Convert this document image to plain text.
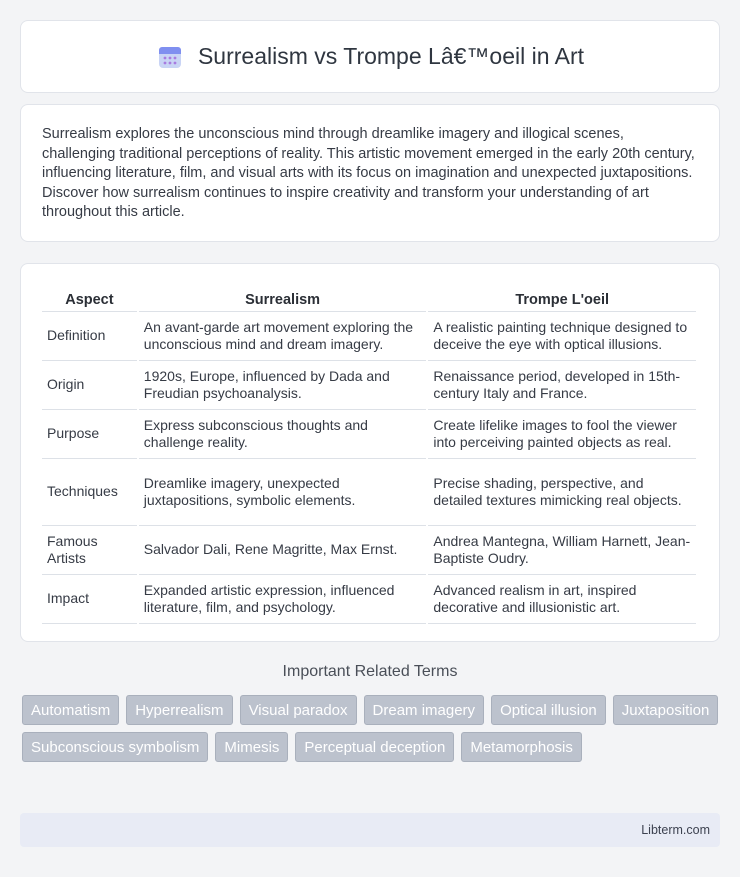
Surrealism vs Trompe Lâ€™oeil in Art

Surrealism explores the unconscious mind through dreamlike imagery and illogical scenes, challenging traditional perceptions of reality. This artistic movement emerged in the early 20th century, influencing literature, film, and visual arts with its focus on imagination and unexpected juxtapositions. Discover how surrealism continues to inspire creativity and transform your understanding of art throughout this article.

Aspect	Surrealism	Trompe L'oeil
Definition	An avant-garde art movement exploring the unconscious mind and dream imagery.	A realistic painting technique designed to deceive the eye with optical illusions.
Origin	1920s, Europe, influenced by Dada and Freudian psychoanalysis.	Renaissance period, developed in 15th-century Italy and France.
Purpose	Express subconscious thoughts and challenge reality.	Create lifelike images to fool the viewer into perceiving painted objects as real.
Techniques	Dreamlike imagery, unexpected juxtapositions, symbolic elements.	Precise shading, perspective, and detailed textures mimicking real objects.
Famous Artists	Salvador Dali, Rene Magritte, Max Ernst.	Andrea Mantegna, William Harnett, Jean-Baptiste Oudry.
Impact	Expanded artistic expression, influenced literature, film, and psychology.	Advanced realism in art, inspired decorative and illusionistic art.
Important Related Terms
Automatism	Hyperrealism	Visual paradox	Dream imagery	Optical illusion	Juxtaposition
Subconscious symbolism	Mimesis	Perceptual deception	Metamorphosis
Libterm.com
